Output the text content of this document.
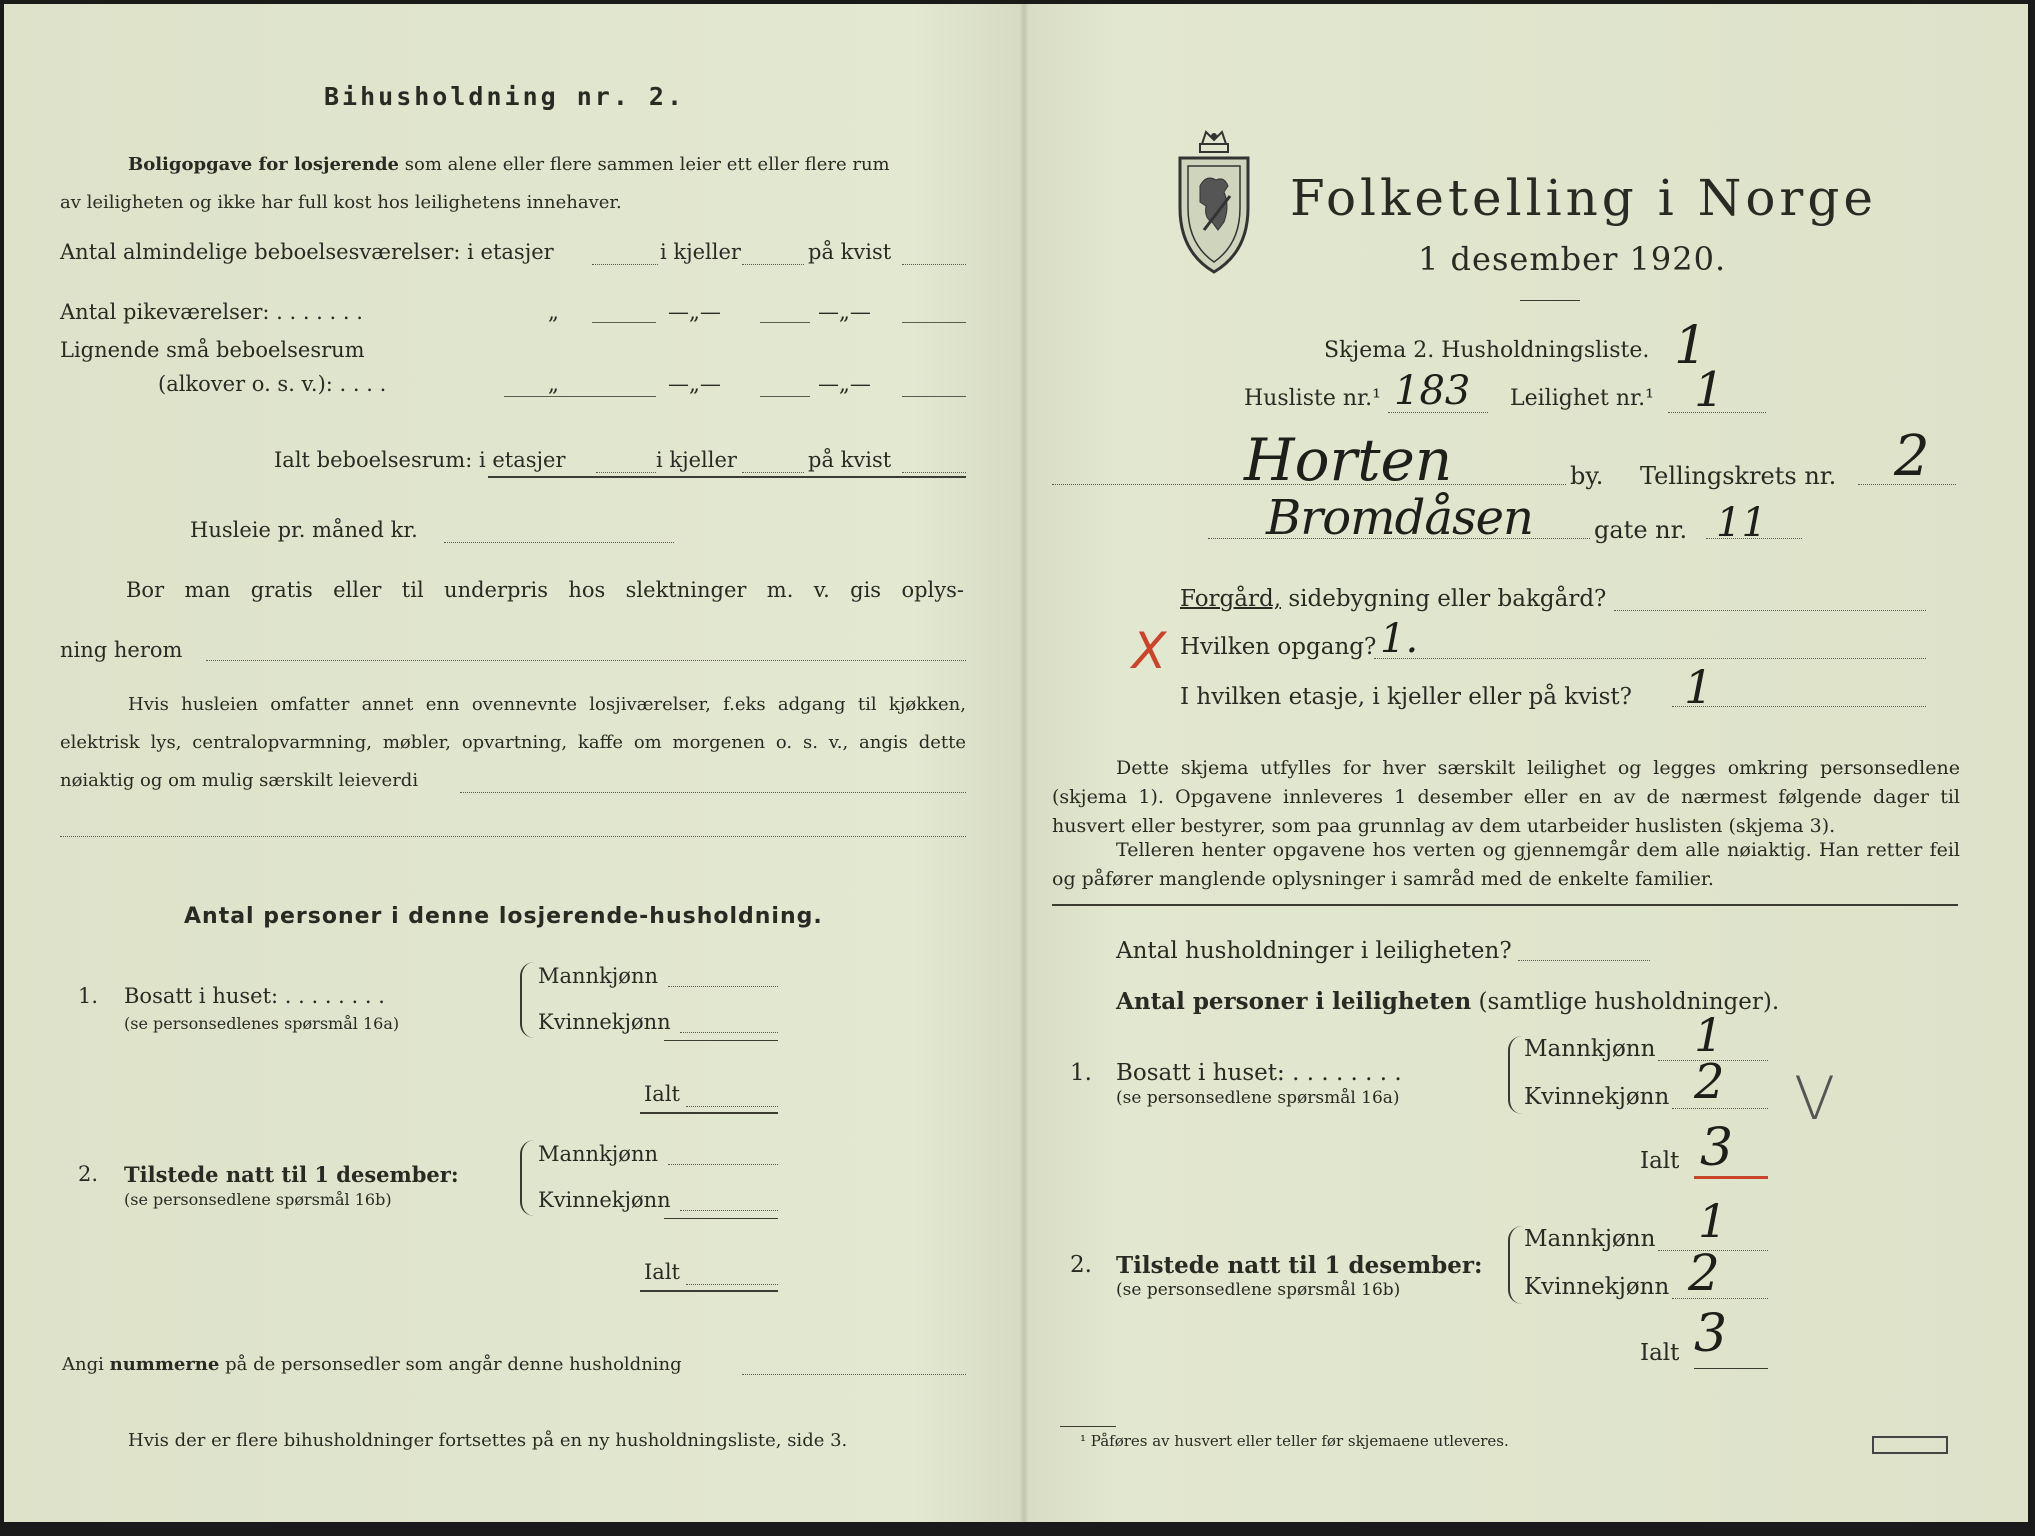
Bihusholdning nr. 2.
Boligopgave for losjerende som alene eller flere sammen leier ett eller flere rum
av leiligheten og ikke har full kost hos leilighetens innehaver.
Antal almindelige beboelsesværelser: i etasjer	i kjeller	på kvist
Antal pikeværelser: . . . . . . .	„	—„—	—„—
Lignende små beboelsesrum
(alkover o. s. v.): . . . .	„	—„—	—„—
Ialt beboelsesrum: i etasjer	i kjeller	på kvist
Husleie pr. måned kr.
Bor man gratis eller til underpris hos slektninger m. v. gis oplys-
ning herom
Hvis husleien omfatter annet enn ovennevnte losjiværelser, f.eks adgang til kjøkken,
elektrisk lys, centralopvarmning, møbler, opvartning, kaffe om morgenen o. s. v., angis dette
nøiaktig og om mulig særskilt leieverdi
Antal personer i denne losjerende-husholdning.
1. Bosatt i huset: . . . . . . . .
(se personsedlenes spørsmål 16a)
Mannkjønn
Kvinnekjønn
Ialt
2. Tilstede natt til 1 desember:
(se personsedlene spørsmål 16b)
Mannkjønn
Kvinnekjønn
Ialt
Angi nummerne på de personsedler som angår denne husholdning
Hvis der er flere bihusholdninger fortsettes på en ny husholdningsliste, side 3.
Folketelling i Norge
1 desember 1920.
Skjema 2. Husholdningsliste. 1
Husliste nr.¹ 183 Leilighet nr.¹ 1
Horten	by. Tellingskrets nr. 2
Bromdåsen	gate nr. 11
Forgård, sidebygning eller bakgård?
X Hvilken opgang? 1.
I hvilken etasje, i kjeller eller på kvist? 1
Dette skjema utfylles for hver særskilt leilighet og legges omkring personsedlene (skjema 1). Opgavene innleveres 1 desember eller en av de nærmest følgende dager til husvert eller bestyrer, som paa grunnlag av dem utarbeider huslisten (skjema 3).
Telleren henter opgavene hos verten og gjennemgår dem alle nøiaktig. Han retter feil og påfører manglende oplysninger i samråd med de enkelte familier.
Antal husholdninger i leiligheten?
Antal personer i leiligheten (samtlige husholdninger).
1. Bosatt i huset: . . . . . . . .
(se personsedlene spørsmål 16a)
Mannkjønn 1
Kvinnekjønn 2 V
Ialt 3
2. Tilstede natt til 1 desember:
(se personsedlene spørsmål 16b)
Mannkjønn 1
Kvinnekjønn 2
Ialt 3
¹ Påføres av husvert eller teller før skjemaene utleveres.
